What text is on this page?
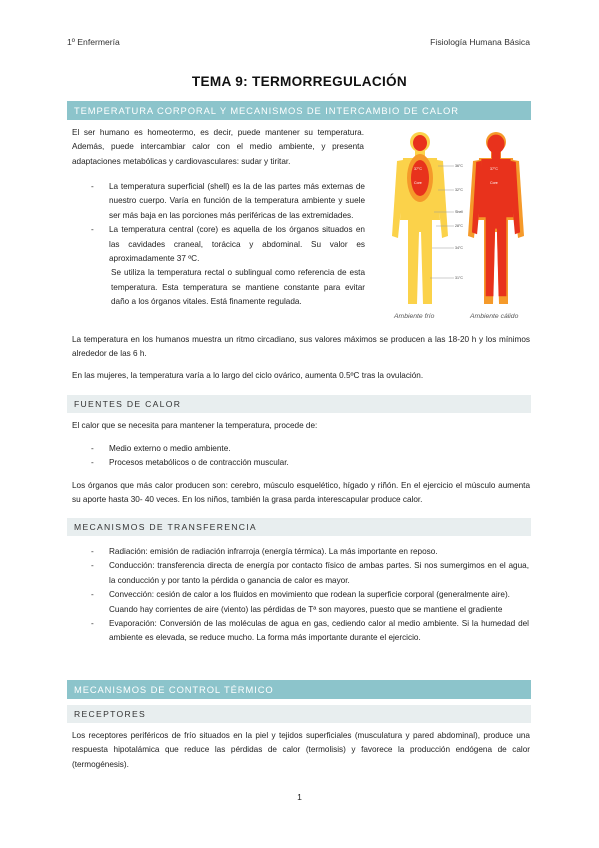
1º Enfermería	Fisiología Humana Básica
TEMA 9: TERMORREGULACIÓN
TEMPERATURA CORPORAL Y MECANISMOS DE INTERCAMBIO DE CALOR
El ser humano es homeotermo, es decir, puede mantener su temperatura. Además, puede intercambiar calor con el medio ambiente, y presenta adaptaciones metabólicas y cardiovasculares: sudar y tiritar.
- La temperatura superficial (shell) es la de las partes más externas de nuestro cuerpo. Varía en función de la temperatura ambiente y suele ser más baja en las porciones más periféricas de las extremidades.
- La temperatura central (core) es aquella de los órganos situados en las cavidades craneal, torácica y abdominal. Su valor es aproximadamente 37 ºC.
Se utiliza la temperatura rectal o sublingual como referencia de esta temperatura. Esta temperatura se mantiene constante para evitar daño a los órganos vitales. Está finamente regulada.
36°C
32°C
Shell
28°C
34°C
31°C
Core	Core
37°C	37°C
Ambiente frío	Ambiente cálido
La temperatura en los humanos muestra un ritmo circadiano, sus valores máximos se producen a las 18-20 h y los mínimos alrededor de las 6 h.
En las mujeres, la temperatura varía a lo largo del ciclo ovárico, aumenta 0.5ºC tras la ovulación.
FUENTES DE CALOR
El calor que se necesita para mantener la temperatura, procede de:
- Medio externo o medio ambiente.
- Procesos metabólicos o de contracción muscular.
Los órganos que más calor producen son: cerebro, músculo esquelético, hígado y riñón. En el ejercicio el músculo aumenta su aporte hasta 30- 40 veces. En los niños, también la grasa parda interescapular produce calor.
MECANISMOS DE TRANSFERENCIA
- Radiación: emisión de radiación infrarroja (energía térmica). La más importante en reposo.
- Conducción: transferencia directa de energía por contacto físico de ambas partes. Si nos sumergimos en el agua, la conducción y por tanto la pérdida o ganancia de calor es mayor.
- Convección: cesión de calor a los fluidos en movimiento que rodean la superficie corporal (generalmente aire).
Cuando hay corrientes de aire (viento) las pérdidas de Tª son mayores, puesto que se mantiene el gradiente
- Evaporación: Conversión de las moléculas de agua en gas, cediendo calor al medio ambiente. Si la humedad del ambiente es elevada, se reduce mucho. La forma más importante durante el ejercicio.
MECANISMOS DE CONTROL TÉRMICO
RECEPTORES
Los receptores periféricos de frío situados en la piel y tejidos superficiales (musculatura y pared abdominal), produce una respuesta hipotalámica que reduce las pérdidas de calor (termolisis) y favorece la producción endógena de calor (termogénesis).
1
